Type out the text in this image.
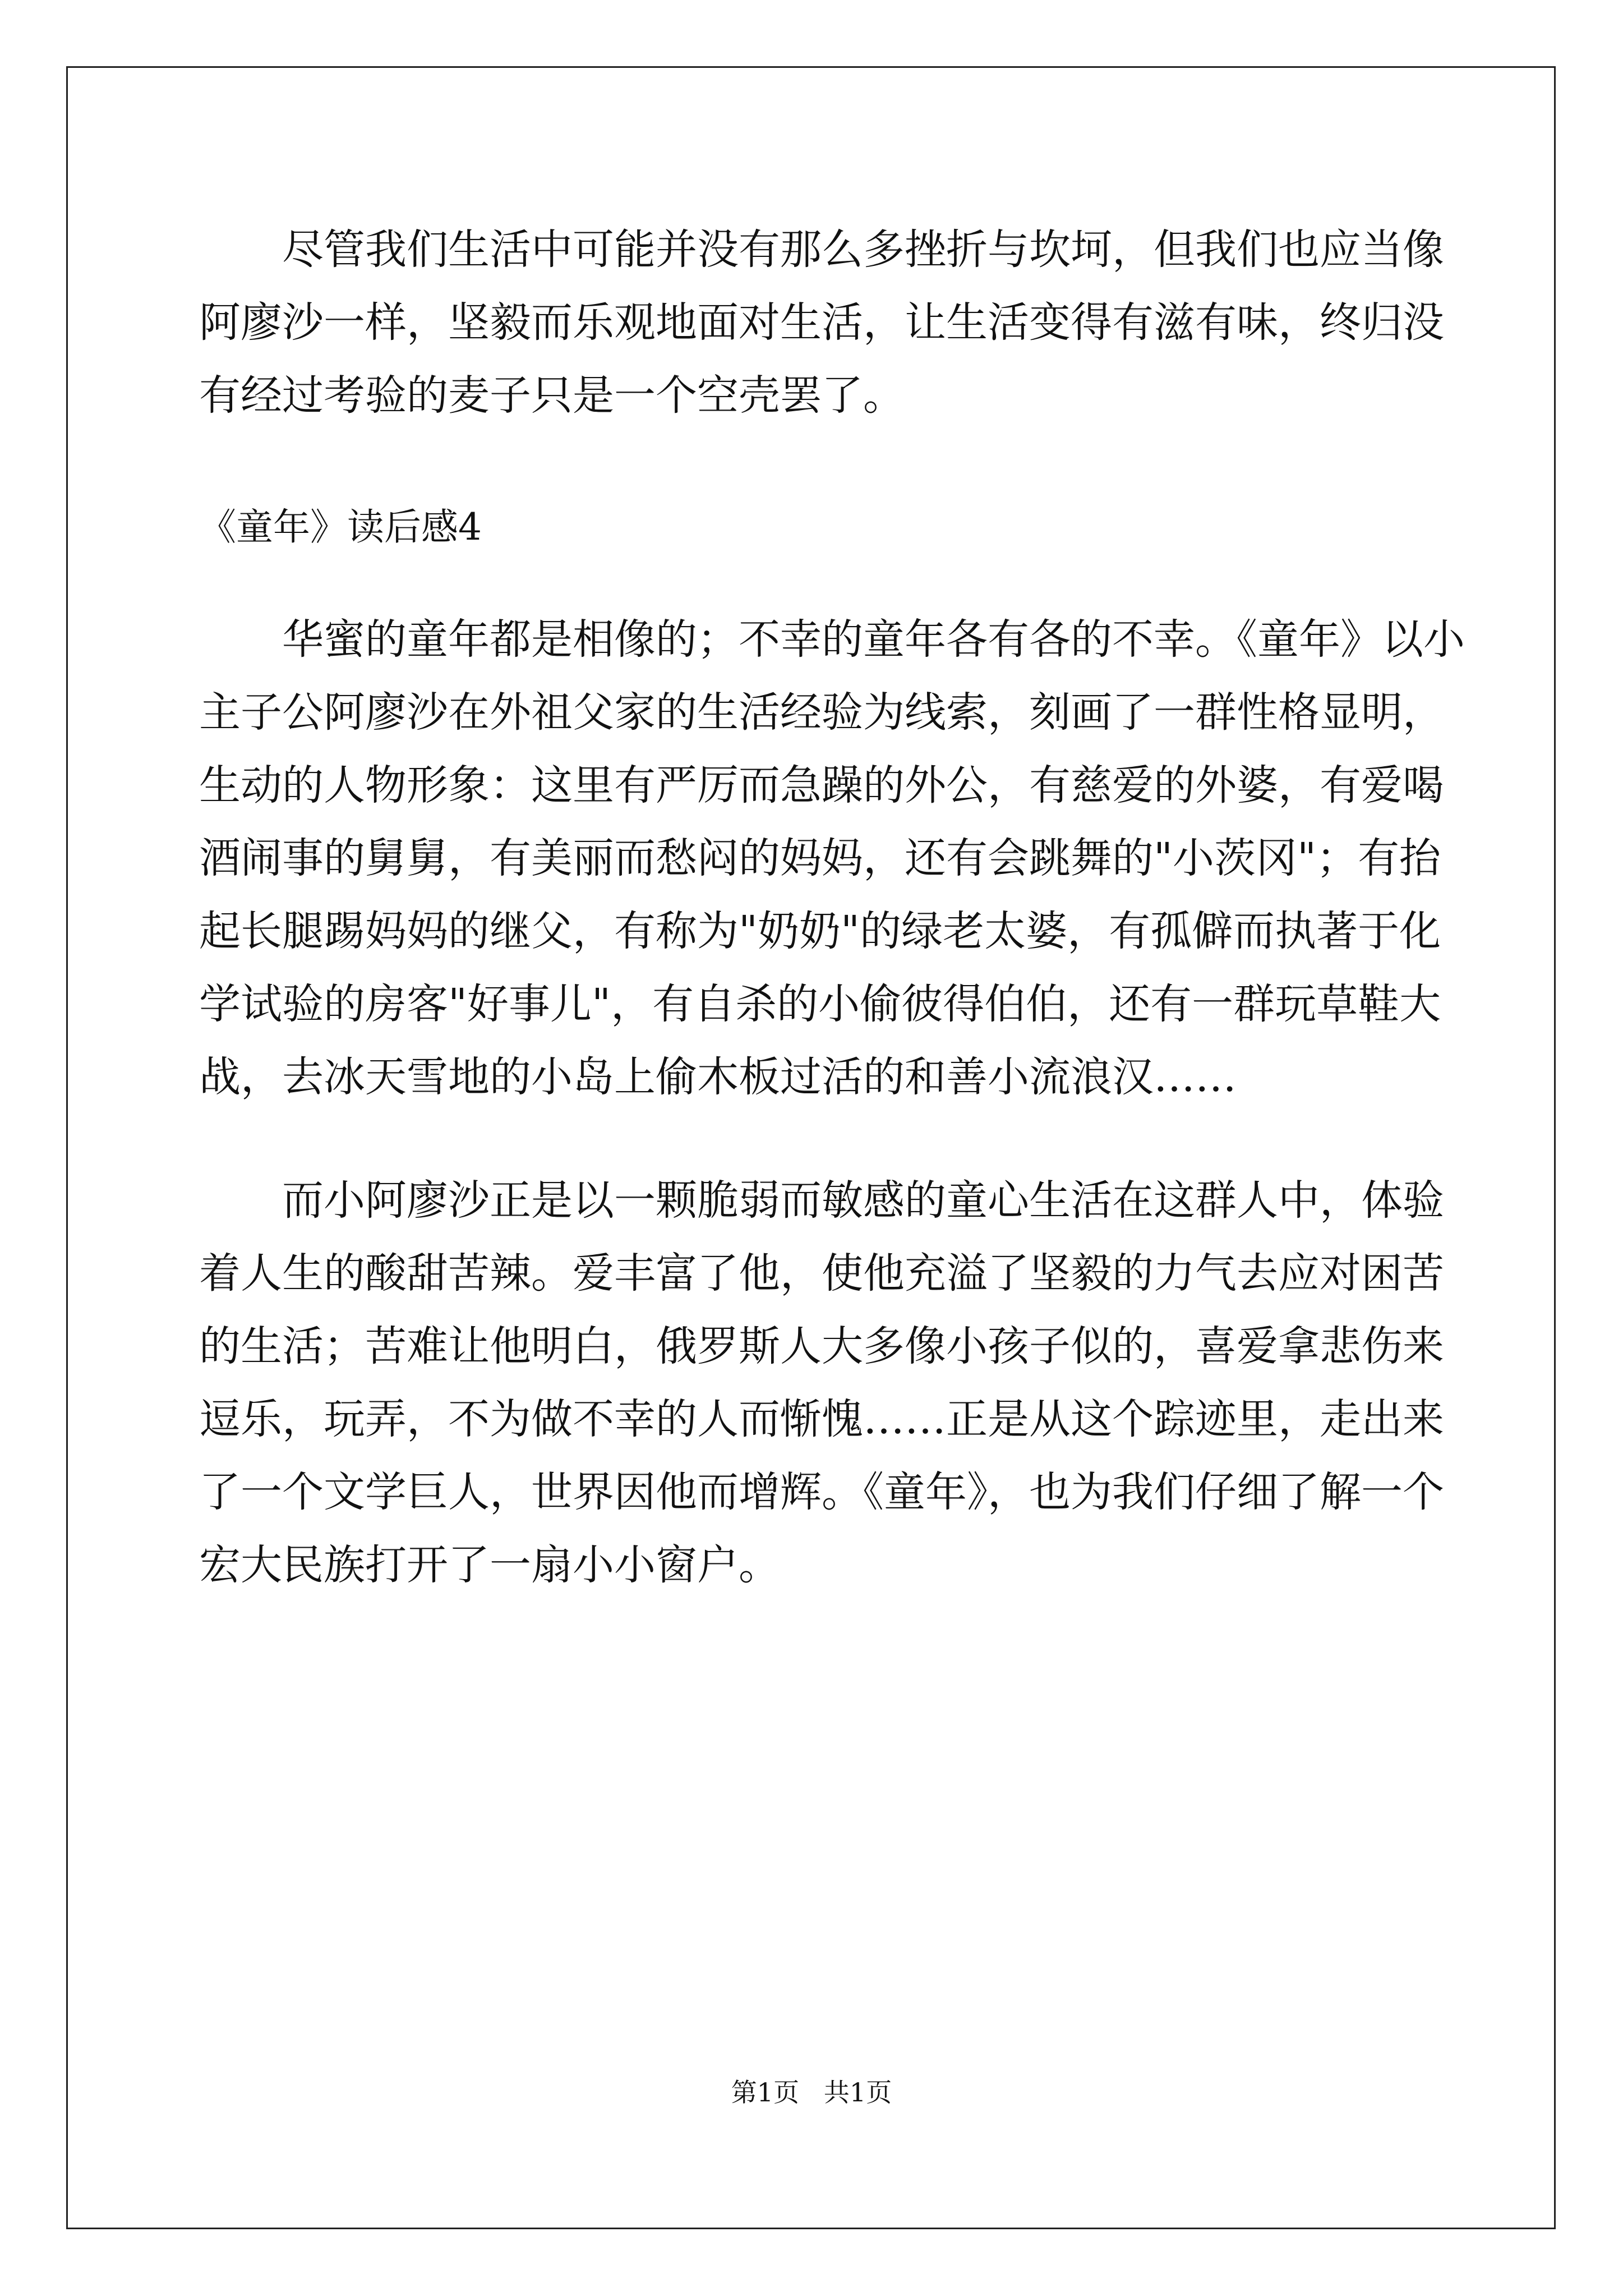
尽管我们生活中可能并没有那么多挫折与坎坷，但我们也应当像
阿廖沙一样，坚毅而乐观地面对生活，让生活变得有滋有味，终归没
有经过考验的麦子只是一个空壳罢了。
《童年》读后感4
华蜜的童年都是相像的；不幸的童年各有各的不幸。《童年》以小
主子公阿廖沙在外祖父家的生活经验为线索，刻画了一群性格显明，
生动的人物形象：这里有严厉而急躁的外公，有慈爱的外婆，有爱喝
酒闹事的舅舅，有美丽而愁闷的妈妈，还有会跳舞的"小茨冈"；有抬
起长腿踢妈妈的继父，有称为"奶奶"的绿老太婆，有孤僻而执著于化
学试验的房客"好事儿"，有自杀的小偷彼得伯伯，还有一群玩草鞋大
战，去冰天雪地的小岛上偷木板过活的和善小流浪汉……
而小阿廖沙正是以一颗脆弱而敏感的童心生活在这群人中，体验
着人生的酸甜苦辣。爱丰富了他，使他充溢了坚毅的力气去应对困苦
的生活；苦难让他明白，俄罗斯人大多像小孩子似的，喜爱拿悲伤来
逗乐，玩弄，不为做不幸的人而惭愧……正是从这个踪迹里，走出来
了一个文学巨人，世界因他而增辉。《童年》，也为我们仔细了解一个
宏大民族打开了一扇小小窗户。
第1页   共1页
